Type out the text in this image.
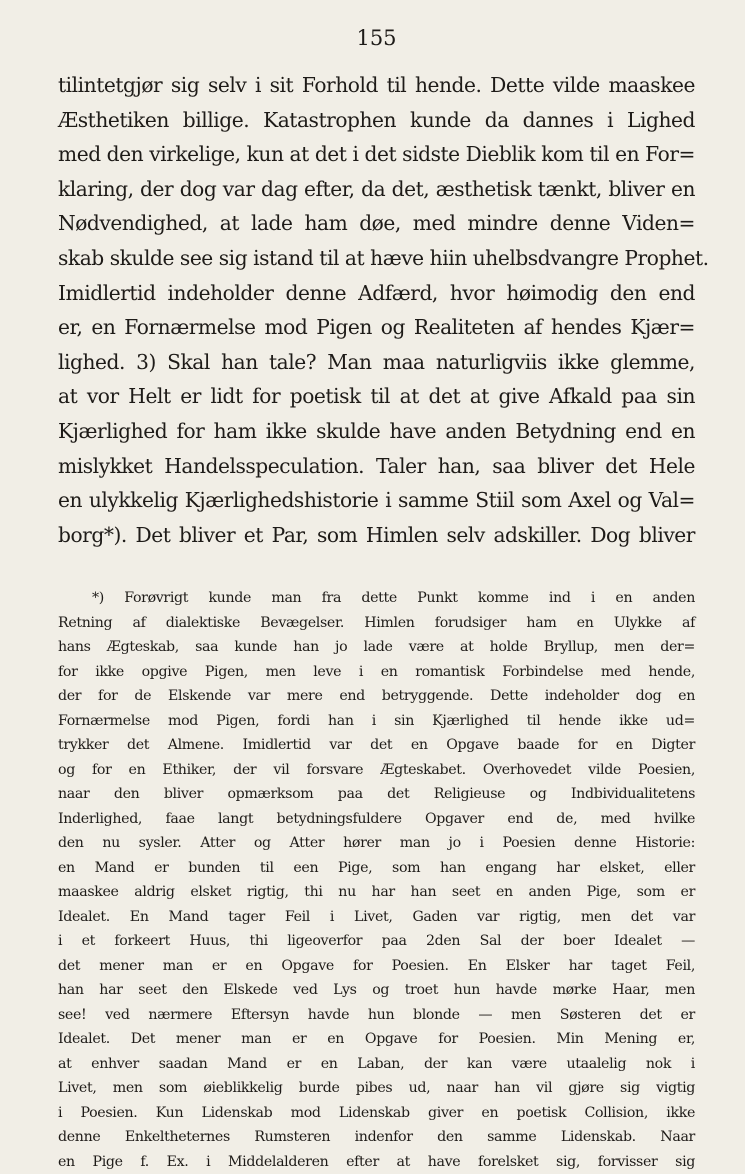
155
tilintetgjør sig selv i sit Forhold til hende. Dette vilde maaskee
Æsthetiken billige. Katastrophen kunde da dannes i Lighed
med den virkelige, kun at det i det sidste Dieblik kom til en For=
klaring, der dog var dag efter, da det, æsthetisk tænkt, bliver en
Nødvendighed, at lade ham døe, med mindre denne Viden=
skab skulde see sig istand til at hæve hiin uhelbsdvangre Prophet.
Imidlertid indeholder denne Adfærd, hvor høimodig den end
er, en Fornærmelse mod Pigen og Realiteten af hendes Kjær=
lighed. 3) Skal han tale? Man maa naturligviis ikke glemme,
at vor Helt er lidt for poetisk til at det at give Afkald paa sin
Kjærlighed for ham ikke skulde have anden Betydning end en
mislykket Handelsspeculation. Taler han, saa bliver det Hele
en ulykkelig Kjærlighedshistorie i samme Stiil som Axel og Val=
borg*). Det bliver et Par, som Himlen selv adskiller. Dog bliver
*) Forøvrigt kunde man fra dette Punkt komme ind i en anden
Retning af dialektiske Bevægelser. Himlen forudsiger ham en Ulykke af
hans Ægteskab, saa kunde han jo lade være at holde Bryllup, men der=
for ikke opgive Pigen, men leve i en romantisk Forbindelse med hende,
der for de Elskende var mere end betryggende. Dette indeholder dog en
Fornærmelse mod Pigen, fordi han i sin Kjærlighed til hende ikke ud=
trykker det Almene. Imidlertid var det en Opgave baade for en Digter
og for en Ethiker, der vil forsvare Ægteskabet. Overhovedet vilde Poesien,
naar den bliver opmærksom paa det Religieuse og Indbividualitetens
Inderlighed, faae langt betydningsfuldere Opgaver end de, med hvilke
den nu sysler. Atter og Atter hører man jo i Poesien denne Historie:
en Mand er bunden til een Pige, som han engang har elsket, eller
maaskee aldrig elsket rigtig, thi nu har han seet en anden Pige, som er
Idealet. En Mand tager Feil i Livet, Gaden var rigtig, men det var
i et forkeert Huus, thi ligeoverfor paa 2den Sal der boer Idealet —
det mener man er en Opgave for Poesien. En Elsker har taget Feil,
han har seet den Elskede ved Lys og troet hun havde mørke Haar, men
see! ved nærmere Eftersyn havde hun blonde — men Søsteren det er
Idealet. Det mener man er en Opgave for Poesien. Min Mening er,
at enhver saadan Mand er en Laban, der kan være utaalelig nok i
Livet, men som øieblikkelig burde pibes ud, naar han vil gjøre sig vigtig
i Poesien. Kun Lidenskab mod Lidenskab giver en poetisk Collision, ikke
denne Enkeltheternes Rumsteren indenfor den samme Lidenskab. Naar
en Pige f. Ex. i Middelalderen efter at have forelsket sig, forvisser sig
